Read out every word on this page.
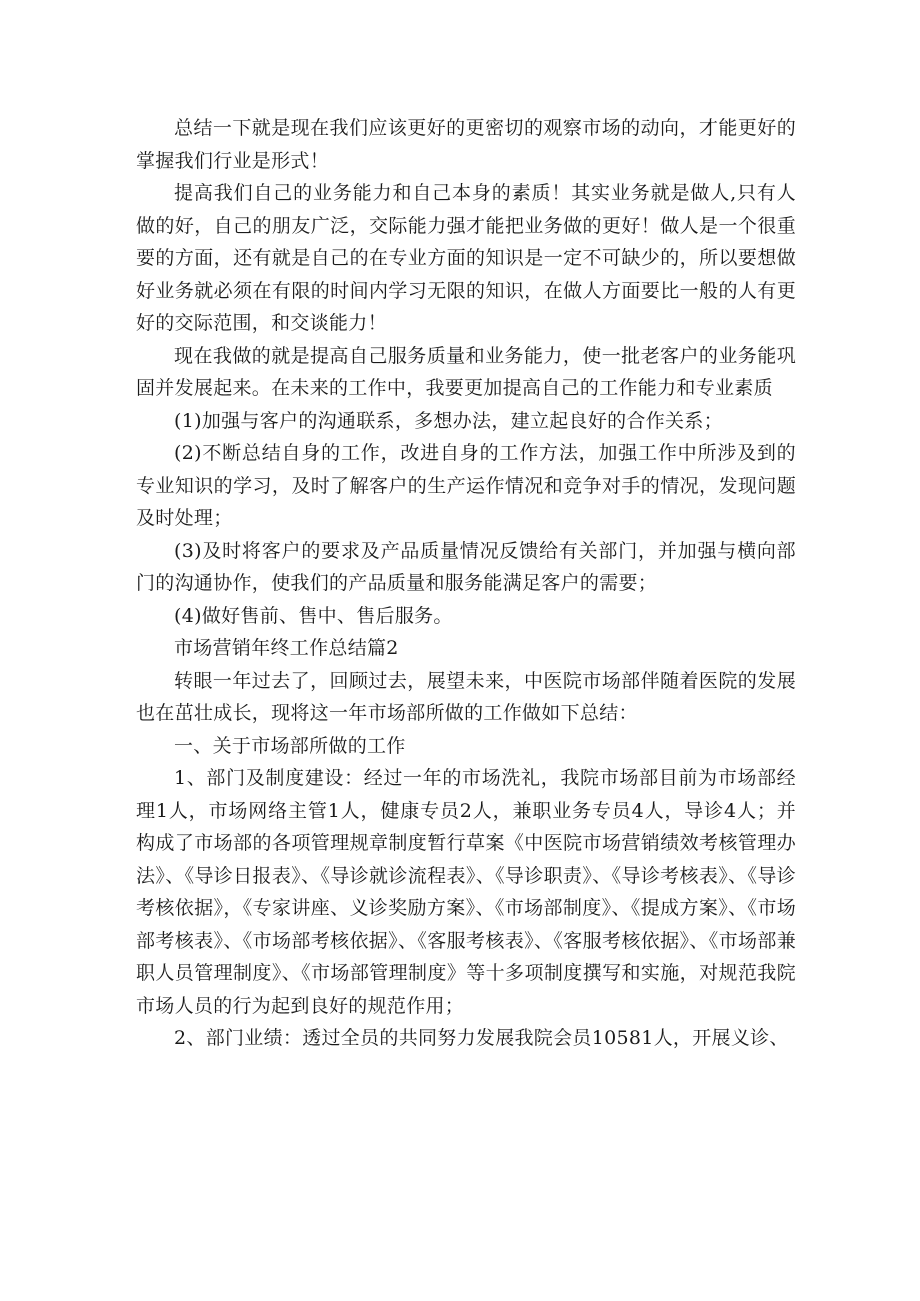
总结一下就是现在我们应该更好的更密切的观察市场的动向，才能更好的掌握我们行业是形式！

提高我们自己的业务能力和自己本身的素质！其实业务就是做人,只有人做的好，自己的朋友广泛，交际能力强才能把业务做的更好！做人是一个很重要的方面，还有就是自己的在专业方面的知识是一定不可缺少的，所以要想做好业务就必须在有限的时间内学习无限的知识，在做人方面要比一般的人有更好的交际范围，和交谈能力！

现在我做的就是提高自己服务质量和业务能力，使一批老客户的业务能巩固并发展起来。在未来的工作中，我要更加提高自己的工作能力和专业素质

(1)加强与客户的沟通联系，多想办法，建立起良好的合作关系；

(2)不断总结自身的工作，改进自身的工作方法，加强工作中所涉及到的专业知识的学习，及时了解客户的生产运作情况和竞争对手的情况，发现问题及时处理；

(3)及时将客户的要求及产品质量情况反馈给有关部门，并加强与横向部门的沟通协作，使我们的产品质量和服务能满足客户的需要；

(4)做好售前、售中、售后服务。

市场营销年终工作总结篇2

转眼一年过去了，回顾过去，展望未来，中医院市场部伴随着医院的发展也在茁壮成长，现将这一年市场部所做的工作做如下总结：

一、关于市场部所做的工作

1、部门及制度建设：经过一年的市场洗礼，我院市场部目前为市场部经理1人，市场网络主管1人，健康专员2人，兼职业务专员4人，导诊4人；并构成了市场部的各项管理规章制度暂行草案《中医院市场营销绩效考核管理办法》、《导诊日报表》、《导诊就诊流程表》、《导诊职责》、《导诊考核表》、《导诊考核依据》，《专家讲座、义诊奖励方案》、《市场部制度》、《提成方案》、《市场部考核表》、《市场部考核依据》、《客服考核表》、《客服考核依据》、《市场部兼职人员管理制度》、《市场部管理制度》等十多项制度撰写和实施，对规范我院市场人员的行为起到良好的规范作用；

2、部门业绩：透过全员的共同努力发展我院会员10581人，开展义诊、
